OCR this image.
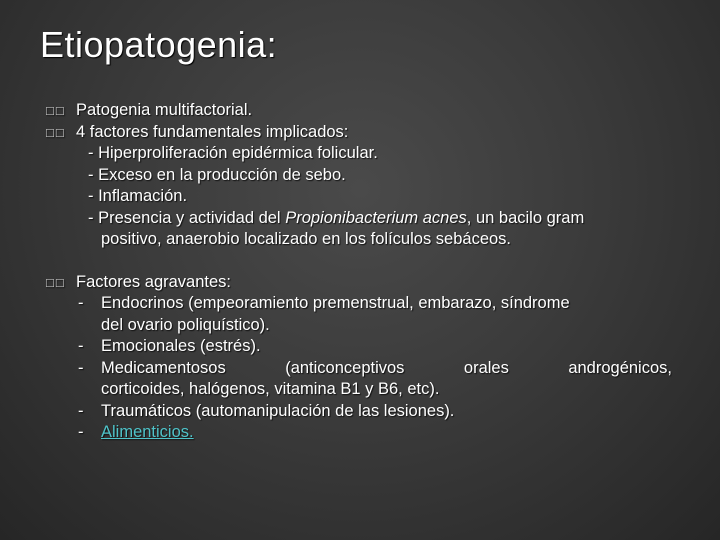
Etiopatogenia:
□□ Patogenia multifactorial.
□□ 4 factores fundamentales implicados:
- Hiperproliferación epidérmica folicular.
- Exceso en la producción de sebo.
- Inflamación.
- Presencia y actividad del Propionibacterium acnes, un bacilo gram
positivo, anaerobio localizado en los folículos sebáceos.
□□ Factores agravantes:
-	Endocrinos (empeoramiento premenstrual, embarazo, síndrome
del ovario poliquístico).
-	Emocionales (estrés).
-	Medicamentosos	(anticonceptivos	orales	androgénicos,
corticoides, halógenos, vitamina B1 y B6, etc).
-	Traumáticos (automanipulación de las lesiones).
-	Alimenticios.
